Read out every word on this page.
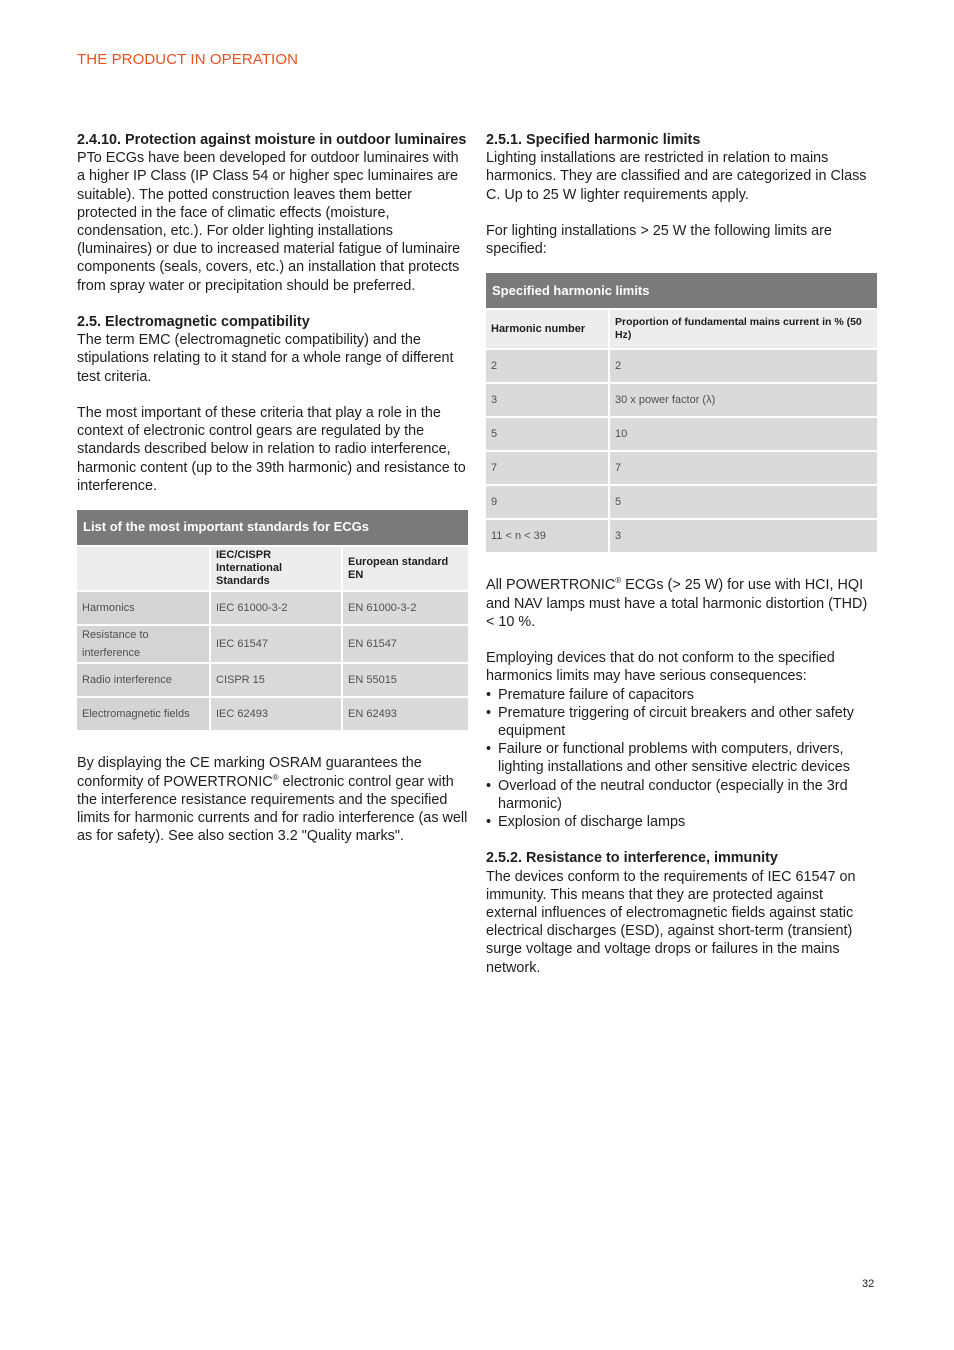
THE PRODUCT IN OPERATION

2.4.10. Protection against moisture in outdoor luminaires

PTo ECGs have been developed for outdoor luminaires with a higher IP Class (IP Class 54 or higher spec luminaires are suitable). The potted construction leaves them better protected in the face of climatic effects (moisture, condensation, etc.). For older lighting installations (luminaires) or due to increased material fatigue of luminaire components (seals, covers, etc.) an installation that protects from spray water or precipitation should be preferred.

2.5. Electromagnetic compatibility

The term EMC (electromagnetic compatibility) and the stipulations relating to it stand for a whole range of different test criteria.

The most important of these criteria that play a role in the context of electronic control gears are regulated by the standards described below in relation to radio interference, harmonic content (up to the 39th harmonic) and resistance to interference.

List of the most important standards for ECGs		
	IEC/CISPR International Standards	European standard EN
Harmonics	IEC 61000-3-2	EN 61000-3-2
Resistance to interference	IEC 61547	EN 61547
Radio interference	CISPR 15	EN 55015
Electromagnetic fields	IEC 62493	EN 62493

By displaying the CE marking OSRAM guarantees the conformity of POWERTRONIC® electronic control gear with the interference resistance requirements and the specified limits for harmonic currents and for radio interference (as well as for safety). See also section 3.2 "Quality marks".

2.5.1. Specified harmonic limits

Lighting installations are restricted in relation to mains harmonics. They are classified and are categorized in Class C. Up to 25 W lighter requirements apply.

For lighting installations > 25 W the following limits are specified:

Specified harmonic limits	
Harmonic number	Proportion of fundamental mains current in % (50 Hz)
2	2
3	30 x power factor (λ)
5	10
7	7
9	5
11 < n < 39	3

All POWERTRONIC® ECGs (> 25 W) for use with HCI, HQI and NAV lamps must have a total harmonic distortion (THD) < 10 %.

Employing devices that do not conform to the specified harmonics limits may have serious consequences:

• Premature failure of capacitors
• Premature triggering of circuit breakers and other safety equipment
• Failure or functional problems with computers, drivers, lighting installations and other sensitive electric devices
• Overload of the neutral conductor (especially in the 3rd harmonic)
• Explosion of discharge lamps

2.5.2. Resistance to interference, immunity

The devices conform to the requirements of IEC 61547 on immunity. This means that they are protected against external influences of electromagnetic fields against static electrical discharges (ESD), against short-term (transient) surge voltage and voltage drops or failures in the mains network.

32
